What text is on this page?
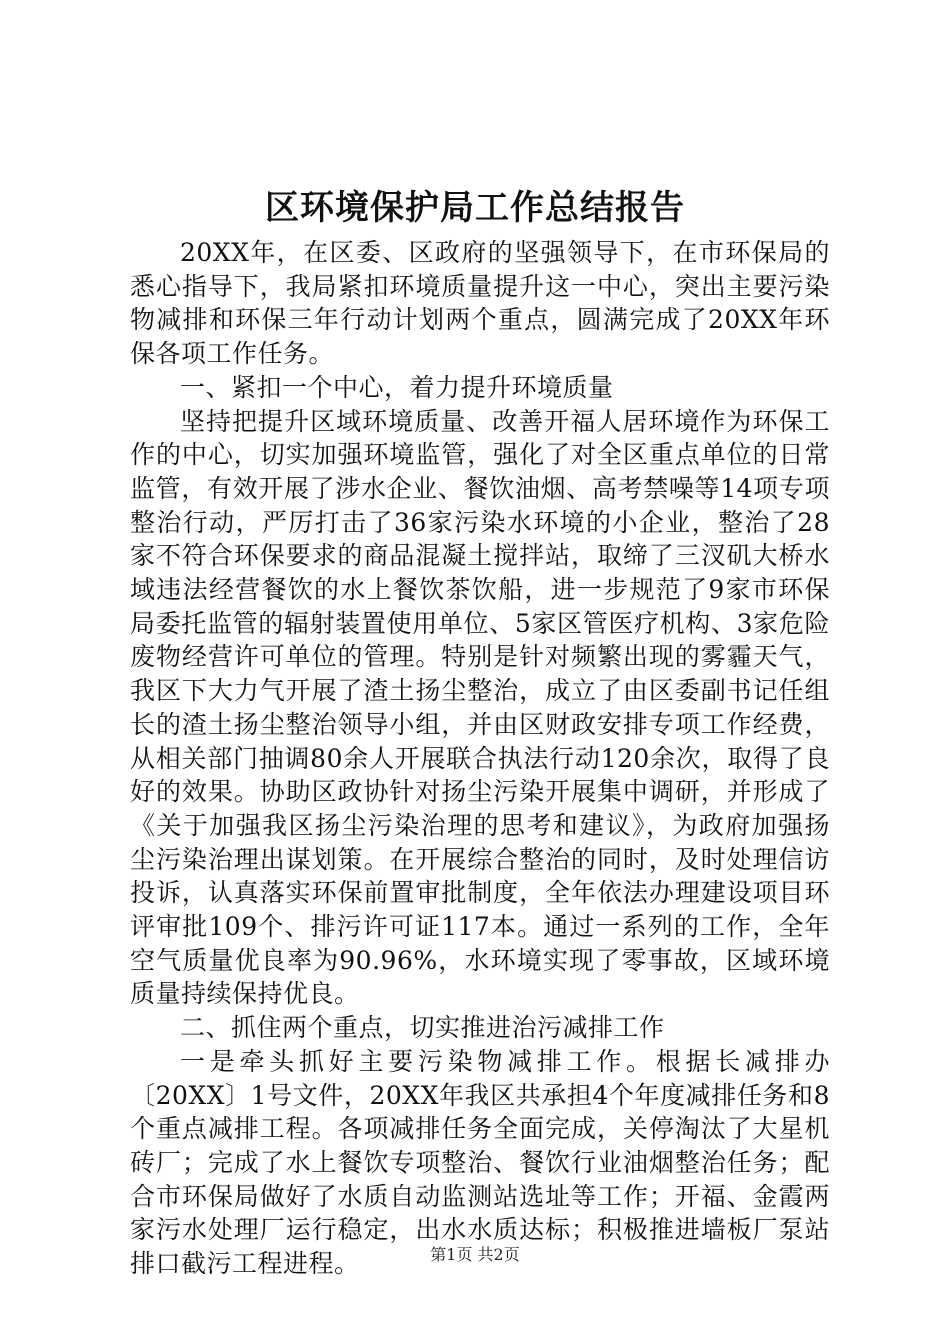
区环境保护局工作总结报告

20XX年，在区委、区政府的坚强领导下，在市环保局的悉心指导下，我局紧扣环境质量提升这一中心，突出主要污染物减排和环保三年行动计划两个重点，圆满完成了20XX年环保各项工作任务。

一、紧扣一个中心，着力提升环境质量

坚持把提升区域环境质量、改善开福人居环境作为环保工作的中心，切实加强环境监管，强化了对全区重点单位的日常监管，有效开展了涉水企业、餐饮油烟、高考禁噪等14项专项整治行动，严厉打击了36家污染水环境的小企业，整治了28家不符合环保要求的商品混凝土搅拌站，取缔了三汊矶大桥水域违法经营餐饮的水上餐饮茶饮船，进一步规范了9家市环保局委托监管的辐射装置使用单位、5家区管医疗机构、3家危险废物经营许可单位的管理。特别是针对频繁出现的雾霾天气，我区下大力气开展了渣土扬尘整治，成立了由区委副书记任组长的渣土扬尘整治领导小组，并由区财政安排专项工作经费，从相关部门抽调80余人开展联合执法行动120余次，取得了良好的效果。协助区政协针对扬尘污染开展集中调研，并形成了《关于加强我区扬尘污染治理的思考和建议》，为政府加强扬尘污染治理出谋划策。在开展综合整治的同时，及时处理信访投诉，认真落实环保前置审批制度，全年依法办理建设项目环评审批109个、排污许可证117本。通过一系列的工作，全年空气质量优良率为90.96%，水环境实现了零事故，区域环境质量持续保持优良。

二、抓住两个重点，切实推进治污减排工作

一是牵头抓好主要污染物减排工作。根据长减排办〔20XX〕1号文件，20XX年我区共承担4个年度减排任务和8个重点减排工程。各项减排任务全面完成，关停淘汰了大星机砖厂；完成了水上餐饮专项整治、餐饮行业油烟整治任务；配合市环保局做好了水质自动监测站选址等工作；开福、金霞两家污水处理厂运行稳定，出水水质达标；积极推进墙板厂泵站排口截污工程进程。	第1页 共2页
